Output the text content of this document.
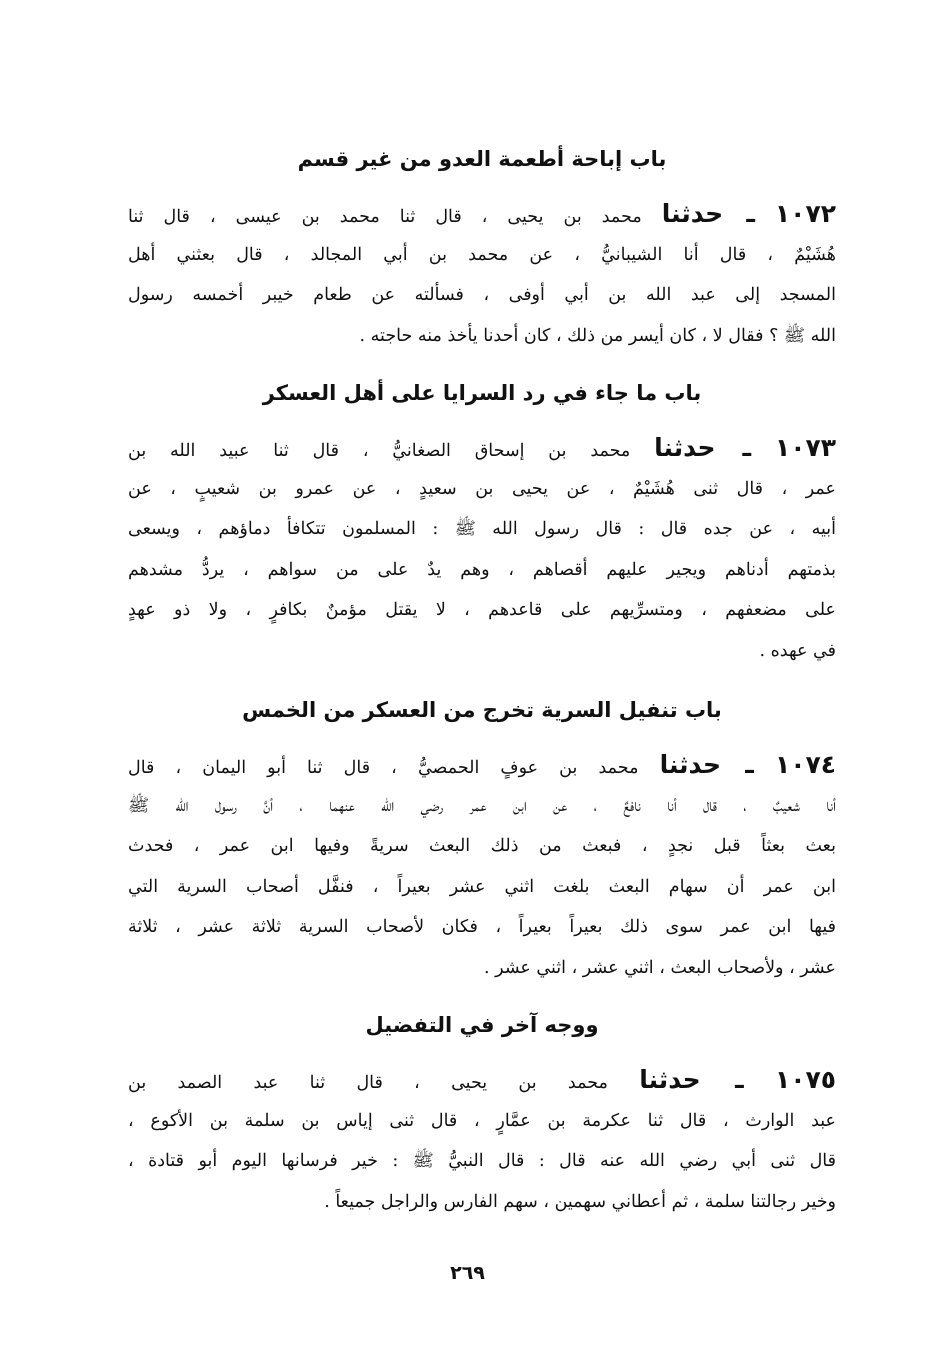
باب إباحة أطعمة العدو من غير قسم
١٠٧٢ ـ حدثنا محمد بن يحيى ، قال ثنا محمد بن عيسى ، قال ثنا
هُشَيْمٌ ، قال أنا الشيبانيُّ ، عن محمد بن أبي المجالد ، قال بعثني أهل
المسجد إلى عبد الله بن أبي أوفى ، فسألته عن طعام خيبر أخمسه رسول
الله ﷺ ؟ فقال لا ، كان أيسر من ذلك ، كان أحدنا يأخذ منه حاجته .
باب ما جاء في رد السرايا على أهل العسكر
١٠٧٣ ـ حدثنا محمد بن إسحاق الصغانيُّ ، قال ثنا عبيد الله بن
عمر ، قال ثنى هُشَيْمٌ ، عن يحيى بن سعيدٍ ، عن عمرو بن شعيبٍ ، عن
أبيه ، عن جده قال : قال رسول الله ﷺ : المسلمون تتكافأ دماؤهم ، ويسعى
بذمتهم أدناهم ويجير عليهم أقصاهم ، وهم يدٌ على من سواهم ، يردُّ مشدهم
على مضعفهم ، ومتسرِّيهم على قاعدهم ، لا يقتل مؤمنٌ بكافرٍ ، ولا ذو عهدٍ
في عهده .
باب تنفيل السرية تخرج من العسكر من الخمس
١٠٧٤ ـ حدثنا محمد بن عوفٍ الحمصيُّ ، قال ثنا أبو اليمان ، قال
أنا شعيبٌ ، قال أنا نافعٌ ، عن ابن عمر رضي الله عنهما ، أنَّ رسول الله ﷺ
بعث بعثاً قبل نجدٍ ، فبعث من ذلك البعث سريةً وفيها ابن عمر ، فحدث
ابن عمر أن سهام البعث بلغت اثني عشر بعيراً ، فنفَّل أصحاب السرية التي
فيها ابن عمر سوى ذلك بعيراً بعيراً ، فكان لأصحاب السرية ثلاثة عشر ، ثلاثة
عشر ، ولأصحاب البعث ، اثني عشر ، اثني عشر .
ووجه آخر في التفضيل
١٠٧٥ ـ حدثنا محمد بن يحيى ، قال ثنا عبد الصمد بن
عبد الوارث ، قال ثنا عكرمة بن عمَّارٍ ، قال ثنى إياس بن سلمة بن الأكوع ،
قال ثنى أبي رضي الله عنه قال : قال النبيُّ ﷺ : خير فرسانها اليوم أبو قتادة ،
وخير رجالتنا سلمة ، ثم أعطاني سهمين ، سهم الفارس والراجل جميعاً .
٢٦٩
